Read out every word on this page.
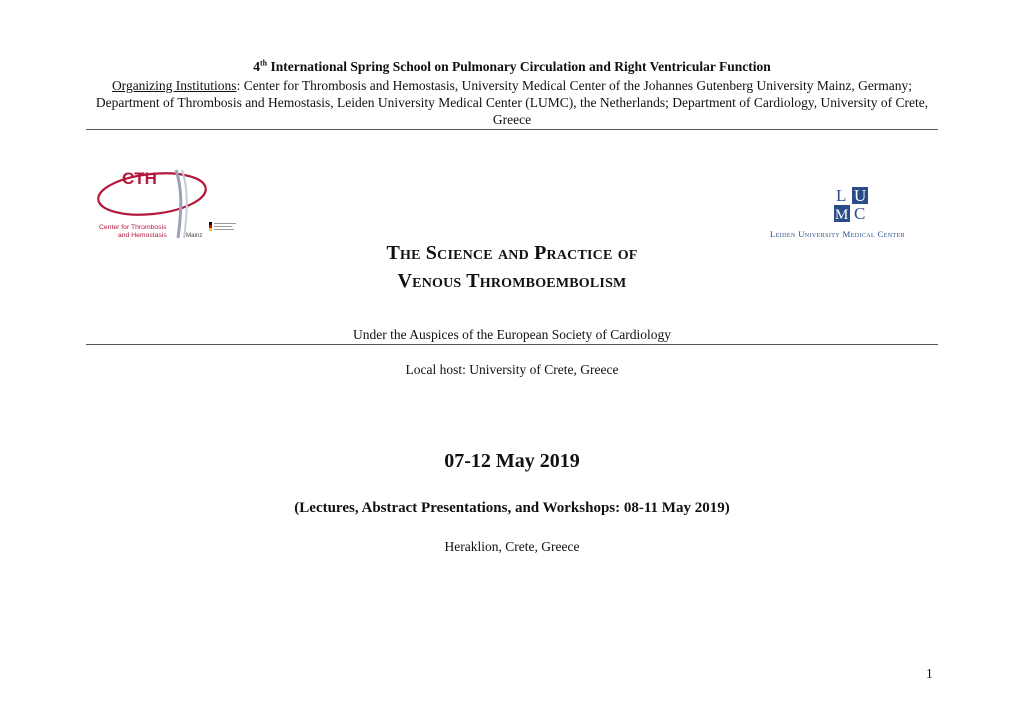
4th International Spring School on Pulmonary Circulation and Right Ventricular Function

Organizing Institutions: Center for Thrombosis and Hemostasis, University Medical Center of the Johannes Gutenberg University Mainz, Germany; Department of Thrombosis and Hemostasis, Leiden University Medical Center (LUMC), the Netherlands; Department of Cardiology, University of Crete, Greece

CTH
Center for Thrombosis
and Hemostasis	Mainz
L U
M C
Leiden University Medical Center
The Science and Practice of
Venous Thromboembolism
Under the Auspices of the European Society of Cardiology
Local host: University of Crete, Greece
07-12 May 2019
(Lectures, Abstract Presentations, and Workshops: 08-11 May 2019)
Heraklion, Crete, Greece
1
